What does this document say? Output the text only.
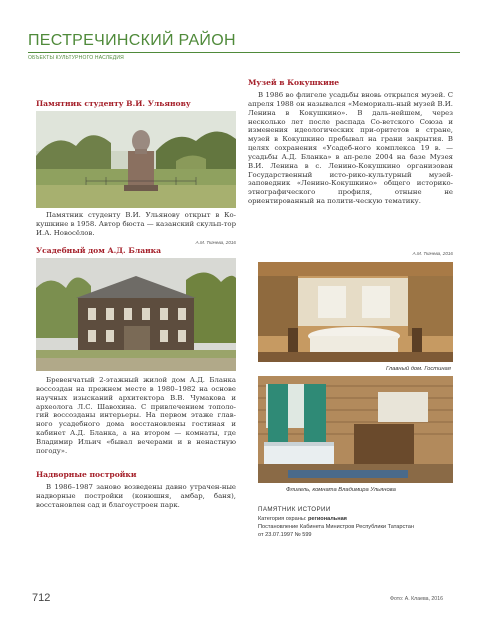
ПЕСТРЕЧИНСКИЙ РАЙОН
ОБЪЕКТЫ КУЛЬТУРНОГО НАСЛЕДИЯ
Памятник студенту В.И. Ульянову

Памятник студенту В.И. Ульянову открыт в Ко-кушкине в 1958. Автор бюста — казанский скульп-тор И.А. Новосёлов.

А.М. Ткачева, 2016
Усадебный дом А.Д. Бланка

Бревенчатый 2-этажный жилой дом А.Д. Бланка воссоздан на прежнем месте в 1980–1982 на основе научных изысканий архитектора В.В. Чумакова и археолога Л.С. Шавохина. С привлечением тополо-гий воссозданы интерьеры. На первом этаже глав-ного усадебного дома восстановлены гостиная и кабинет А.Д. Бланка, а на втором — комнаты, где Владимир Ильич «бывал вечерами и в ненастную погоду».

Надворные постройки

В 1986–1987 заново возведены давно утрачен-ные надворные постройки (конюшня, амбар, баня), восстановлен сад и благоустроен парк.

Музей в Кокушкине

В 1986 во флигеле усадьбы вновь открылся музей. С апреля 1988 он назывался «Мемориаль-ный музей В.И. Ленина в Кокушкино». В даль-нейшем, через несколько лет после распада Со-ветского Союза и изменения идеологических при-оритетов в стране, музей в Кокушкино пребывал на грани закрытия. В целях сохранения «Усадеб-ного комплекса 19 в. — усадьбы А.Д. Бланка» в ап-реле 2004 на базе Музея В.И. Ленина в с. Ленино-Кокушкино организован Государственный исто-рико-культурный музей-заповедник «Ленино-Кокушкино» общего историко-этнографического профиля, отныне не ориентированный на полити-ческую тематику.

А.М. Ткачева, 2016
Главный дом. Гостиная
Флигель, комната Владимира Ульянова
ПАМЯТНИК ИСТОРИИ
Категория охраны: региональная
Постановление Кабинета Министров Республики Татарстан
от 23.07.1997 № 599
712	Фото: А. Клаева, 2016
